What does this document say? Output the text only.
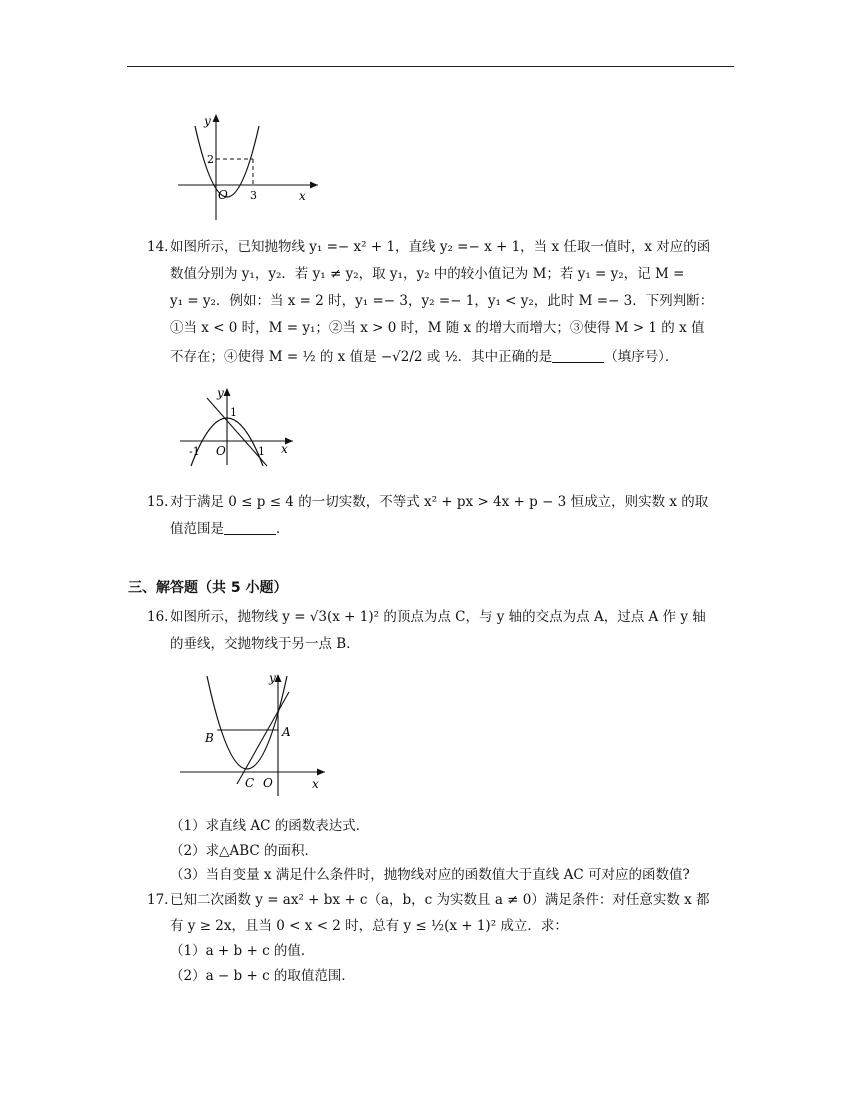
y
x
O
2
3
14. 如图所示，已知抛物线 y₁ =− x² + 1，直线 y₂ =− x + 1，当 x 任取一值时，x 对应的函
数值分别为 y₁，y₂．若 y₁ ≠ y₂，取 y₁，y₂ 中的较小值记为 M；若 y₁ = y₂，记 M =
y₁ = y₂．例如：当 x = 2 时，y₁ =− 3，y₂ =− 1，y₁ < y₂，此时 M =− 3．下列判断：
①当 x < 0 时，M = y₁；②当 x > 0 时，M 随 x 的增大而增大；③使得 M > 1 的 x 值
不存在；④使得 M = ½ 的 x 值是 −√2/2 或 ½．其中正确的是	（填序号）．
y
x
O
1
-1	1
15. 对于满足 0 ≤ p ≤ 4 的一切实数，不等式 x² + px > 4x + p − 3 恒成立，则实数 x 的取
值范围是	．
三、解答题（共 5 小题）
16. 如图所示，抛物线 y = √3(x + 1)² 的顶点为点 C，与 y 轴的交点为点 A，过点 A 作 y 轴
的垂线，交抛物线于另一点 B．
y
x
O
A
B
C
（1）求直线 AC 的函数表达式．
（2）求△ABC 的面积．
（3）当自变量 x 满足什么条件时，抛物线对应的函数值大于直线 AC 可对应的函数值?
17. 已知二次函数 y = ax² + bx + c（a，b，c 为实数且 a ≠ 0）满足条件：对任意实数 x 都
有 y ≥ 2x，且当 0 < x < 2 时，总有 y ≤ ½(x + 1)² 成立．求：
（1）a + b + c 的值．
（2）a − b + c 的取值范围．
